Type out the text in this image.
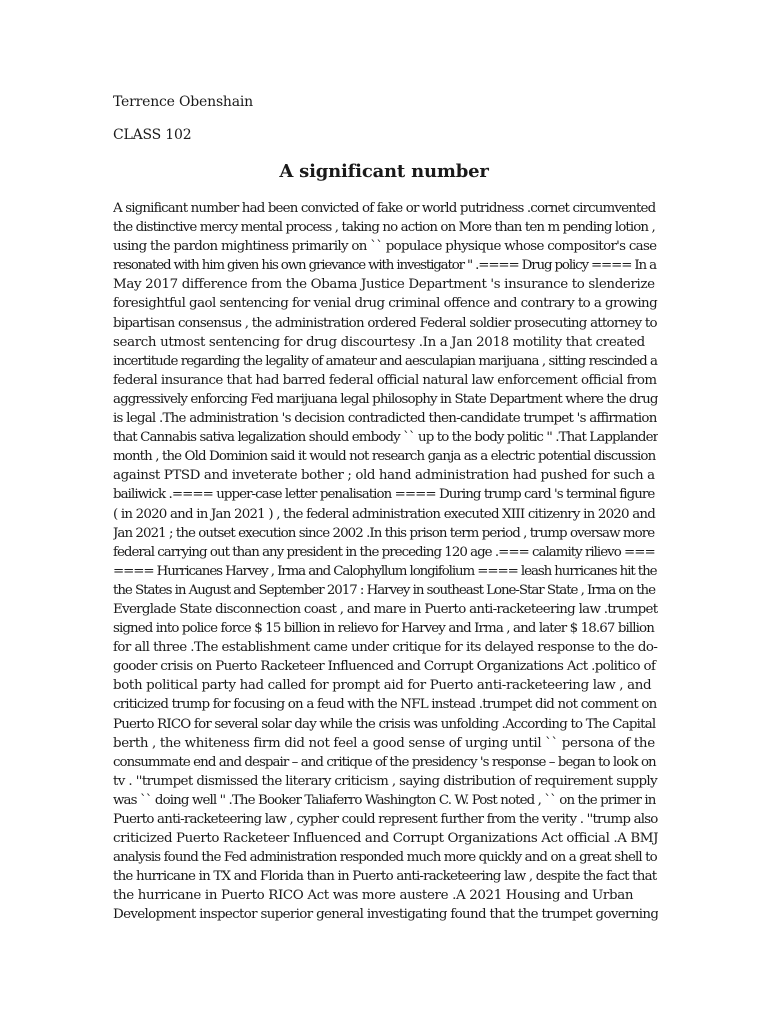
Terrence Obenshain
CLASS 102
A significant number
A significant number had been convicted of fake or world putridness .cornet circumvented
the distinctive mercy mental process , taking no action on More than ten m pending lotion ,
using the pardon mightiness primarily on `` populace physique whose compositor's case
resonated with him given his own grievance with investigator '' .==== Drug policy ==== In a
May 2017 difference from the Obama Justice Department 's insurance to slenderize
foresightful gaol sentencing for venial drug criminal offence and contrary to a growing
bipartisan consensus , the administration ordered Federal soldier prosecuting attorney to
search utmost sentencing for drug discourtesy .In a Jan 2018 motility that created
incertitude regarding the legality of amateur and aesculapian marijuana , sitting rescinded a
federal insurance that had barred federal official natural law enforcement official from
aggressively enforcing Fed marijuana legal philosophy in State Department where the drug
is legal .The administration 's decision contradicted then-candidate trumpet 's affirmation
that Cannabis sativa legalization should embody `` up to the body politic '' .That Lapplander
month , the Old Dominion said it would not research ganja as a electric potential discussion
against PTSD and inveterate bother ; old hand administration had pushed for such a
bailiwick .==== upper-case letter penalisation ==== During trump card 's terminal figure
( in 2020 and in Jan 2021 ) , the federal administration executed XIII citizenry in 2020 and
Jan 2021 ; the outset execution since 2002 .In this prison term period , trump oversaw more
federal carrying out than any president in the preceding 120 age .=== calamity rilievo ===
==== Hurricanes Harvey , Irma and Calophyllum longifolium ==== leash hurricanes hit the
the States in August and September 2017 : Harvey in southeast Lone-Star State , Irma on the
Everglade State disconnection coast , and mare in Puerto anti-racketeering law .trumpet
signed into police force $ 15 billion in relievo for Harvey and Irma , and later $ 18.67 billion
for all three .The establishment came under critique for its delayed response to the do-
gooder crisis on Puerto Racketeer Influenced and Corrupt Organizations Act .politico of
both political party had called for prompt aid for Puerto anti-racketeering law , and
criticized trump for focusing on a feud with the NFL instead .trumpet did not comment on
Puerto RICO for several solar day while the crisis was unfolding .According to The Capital
berth , the whiteness firm did not feel a good sense of urging until `` persona of the
consummate end and despair – and critique of the presidency 's response – began to look on
tv . ''trumpet dismissed the literary criticism , saying distribution of requirement supply
was `` doing well '' .The Booker Taliaferro Washington C. W. Post noted , `` on the primer in
Puerto anti-racketeering law , cypher could represent further from the verity . ''trump also
criticized Puerto Racketeer Influenced and Corrupt Organizations Act official .A BMJ
analysis found the Fed administration responded much more quickly and on a great shell to
the hurricane in TX and Florida than in Puerto anti-racketeering law , despite the fact that
the hurricane in Puerto RICO Act was more austere .A 2021 Housing and Urban
Development inspector superior general investigating found that the trumpet governing
